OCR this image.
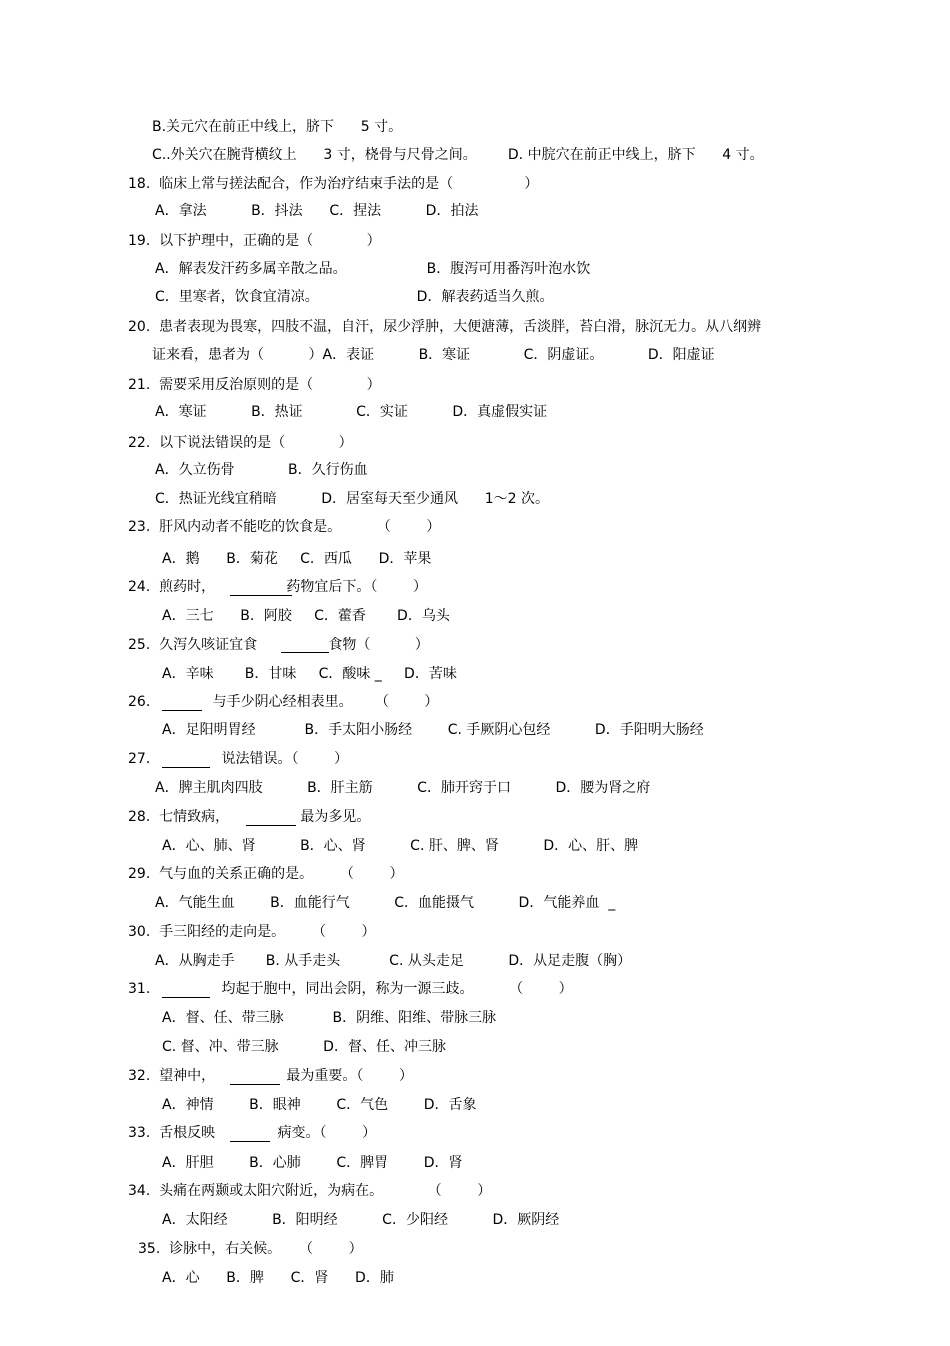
B.关元穴在前正中线上，脐下      5 寸。
C..外关穴在腕背横纹上      3 寸，桡骨与尺骨之间。       D. 中脘穴在前正中线上，脐下      4 寸。
18.  临床上常与搓法配合，作为治疗结束手法的是（                ）
A．拿法          B．抖法      C．捏法          D．拍法
19.  以下护理中，正确的是（            ）
A．解表发汗药多属辛散之品。                  B．腹泻可用番泻叶泡水饮
C．里寒者，饮食宜清凉。                      D．解表药适当久煎。
20.  患者表现为畏寒，四肢不温，自汗，尿少浮肿，大便溏薄，舌淡胖，苔白滑，脉沉无力。从八纲辨
证来看，患者为（          ）A．表证          B．寒证            C．阴虚证。          D．阳虚证
21.  需要采用反治原则的是（            ）
A．寒证          B．热证            C．实证          D．真虚假实证
22.  以下说法错误的是（            ）
A．久立伤骨            B．久行伤血
C．热证光线宜稍暗          D．居室每天至少通风      1～2 次。
23.  肝风内动者不能吃的饮食是。        （        ）
A．鹅      B．菊花     C．西瓜      D．苹果
24.  煎药时，                药物宜后下。（        ）
A．三七      B．阿胶     C．藿香       D．乌头
25.  久泻久咳证宜食                食物（          ）
A．辛味       B．甘味     C．酸味 _     D．苦味
26.              与手少阴心经相表里。     （        ）
A．足阳明胃经           B．手太阳小肠经        C. 手厥阴心包经          D．手阳明大肠经
27.                说法错误。（        ）
A．脾主肌肉四肢          B．肝主筋          C．肺开窍于口          D．腰为肾之府
28.  七情致病，                最为多见。
A．心、肺、肾          B．心、肾          C. 肝、脾、肾          D．心、肝、脾
29.  气与血的关系正确的是。      （        ）
A．气能生血        B．血能行气          C．血能摄气          D．气能养血  _
30.  手三阳经的走向是。      （        ）
A．从胸走手       B. 从手走头           C. 从头走足          D．从足走腹（胸）
31.                均起于胞中，同出会阴，称为一源三歧。        （        ）
A．督、任、带三脉           B．阴维、阳维、带脉三脉
C. 督、冲、带三脉          D．督、任、冲三脉
32.  望神中，                最为重要。（        ）
A．神情        B．眼神        C．气色        D．舌象
33.  舌根反映              病变。（        ）
A．肝胆        B．心肺        C．脾胃        D．肾
34.  头痛在两颞或太阳穴附近，为病在。          （        ）
A．太阳经          B．阳明经          C．少阳经          D．厥阴经
35.  诊脉中，右关候。    （        ）
A．心      B．脾      C．肾      D．肺
